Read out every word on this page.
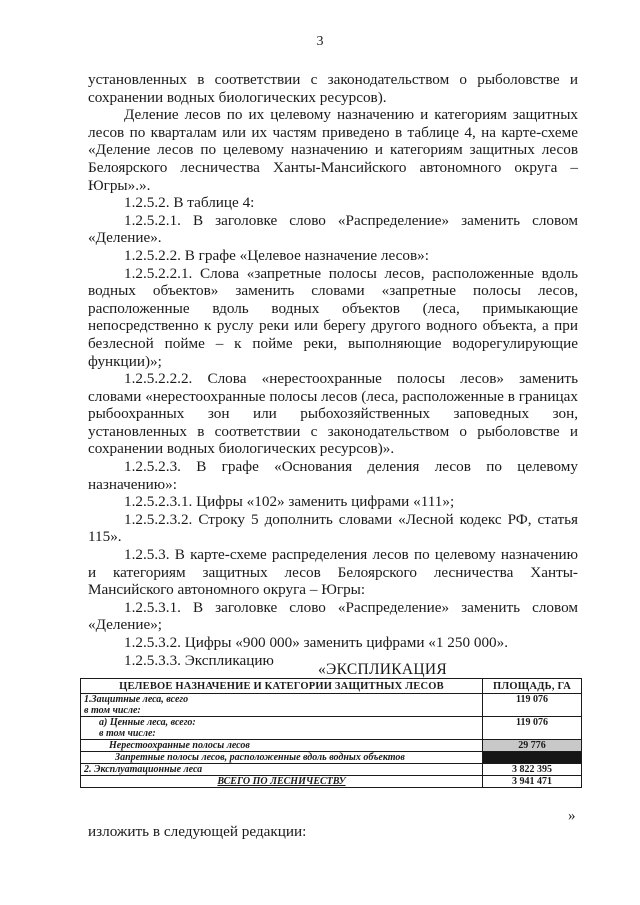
3

установленных в соответствии с законодательством о рыболовстве и сохранении водных биологических ресурсов).

Деление лесов по их целевому назначению и категориям защитных лесов по кварталам или их частям приведено в таблице 4, на карте-схеме «Деление лесов по целевому назначению и категориям защитных лесов Белоярского лесничества Ханты-Мансийского автономного округа – Югры».».

1.2.5.2. В таблице 4:

1.2.5.2.1. В заголовке слово «Распределение» заменить словом «Деление».

1.2.5.2.2. В графе «Целевое назначение лесов»:

1.2.5.2.2.1. Слова «запретные полосы лесов, расположенные вдоль водных объектов» заменить словами «запретные полосы лесов, расположенные вдоль водных объектов (леса, примыкающие непосредственно к руслу реки или берегу другого водного объекта, а при безлесной пойме – к пойме реки, выполняющие водорегулирующие функции)»;

1.2.5.2.2.2. Слова «нерестоохранные полосы лесов» заменить словами «нерестоохранные полосы лесов (леса, расположенные в границах рыбоохранных зон или рыбохозяйственных заповедных зон, установленных в соответствии с законодательством о рыболовстве и сохранении водных биологических ресурсов)».

1.2.5.2.3. В графе «Основания деления лесов по целевому назначению»:

1.2.5.2.3.1. Цифры «102» заменить цифрами «111»;

1.2.5.2.3.2. Строку 5 дополнить словами «Лесной кодекс РФ, статья 115».

1.2.5.3. В карте-схеме распределения лесов по целевому назначению и категориям защитных лесов Белоярского лесничества Ханты-Мансийского автономного округа – Югры:

1.2.5.3.1. В заголовке слово «Распределение» заменить словом «Деление»;

1.2.5.3.2. Цифры «900 000» заменить цифрами «1 250 000».

1.2.5.3.3. Экспликацию

«ЭКСПЛИКАЦИЯ
ЦЕЛЕВОЕ НАЗНАЧЕНИЕ И КАТЕГОРИИ ЗАЩИТНЫХ ЛЕСОВ	ПЛОЩАДЬ, ГА
1.Защитные леса, всего
в том числе:	119 076
а) Ценные леса, всего:
в том числе:	119 076
Нерестоохранные полосы лесов	29 776
Запретные полосы лесов, расположенные вдоль водных объектов	
2. Эксплуатационные леса	3 822 395
ВСЕГО ПО ЛЕСНИЧЕСТВУ	3 941 471
»
изложить в следующей редакции:
